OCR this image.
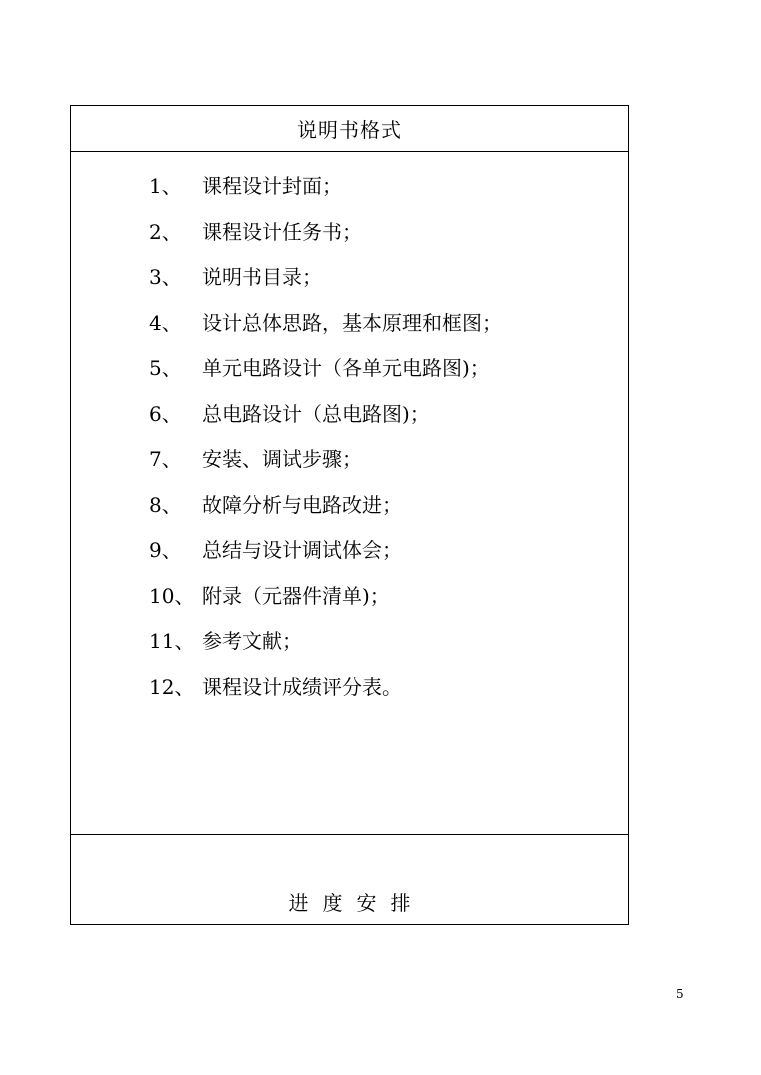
说明书格式
1、	课程设计封面；
2、	课程设计任务书；
3、	说明书目录；
4、	设计总体思路，基本原理和框图；
5、	单元电路设计（各单元电路图)；
6、	总电路设计（总电路图)；
7、	安装、调试步骤；
8、	故障分析与电路改进；
9、	总结与设计调试体会；
10、 附录（元器件清单)；
11、 参考文献；
12、 课程设计成绩评分表。
进度安排
5
